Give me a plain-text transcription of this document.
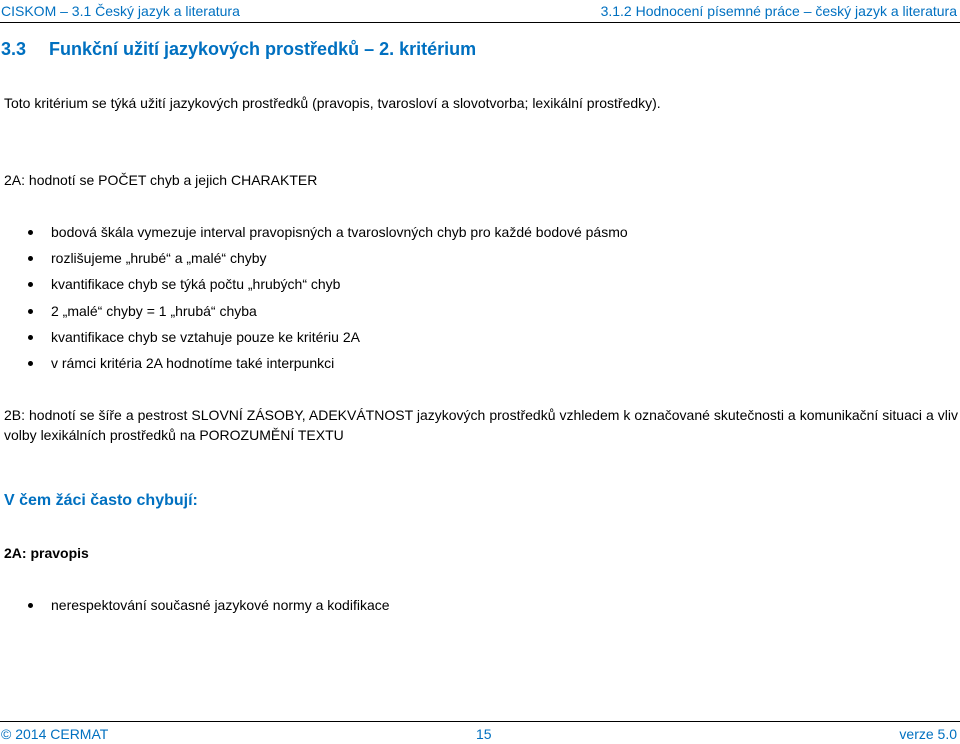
CISKOM – 3.1 Český jazyk a literatura	3.1.2 Hodnocení písemné práce – český jazyk a literatura
3.3 Funkční užití jazykových prostředků – 2. kritérium
Toto kritérium se týká užití jazykových prostředků (pravopis, tvarosloví a slovotvorba; lexikální prostředky).
2A: hodnotí se POČET chyb a jejich CHARAKTER
bodová škála vymezuje interval pravopisných a tvaroslovných chyb pro každé bodové pásmo
rozlišujeme „hrubé“ a „malé“ chyby
kvantifikace chyb se týká počtu „hrubých“ chyb
2 „malé“ chyby = 1 „hrubá“ chyba
kvantifikace chyb se vztahuje pouze ke kritériu 2A
v rámci kritéria 2A hodnotíme také interpunkci
2B: hodnotí se šíře a pestrost SLOVNÍ ZÁSOBY, ADEKVÁTNOST jazykových prostředků vzhledem k označované skutečnosti a komunikační situaci a vliv volby lexikálních prostředků na POROZUMĚNÍ TEXTU
V čem žáci často chybují:
2A: pravopis
nerespektování současné jazykové normy a kodifikace
© 2014 CERMAT	15	verze 5.0
